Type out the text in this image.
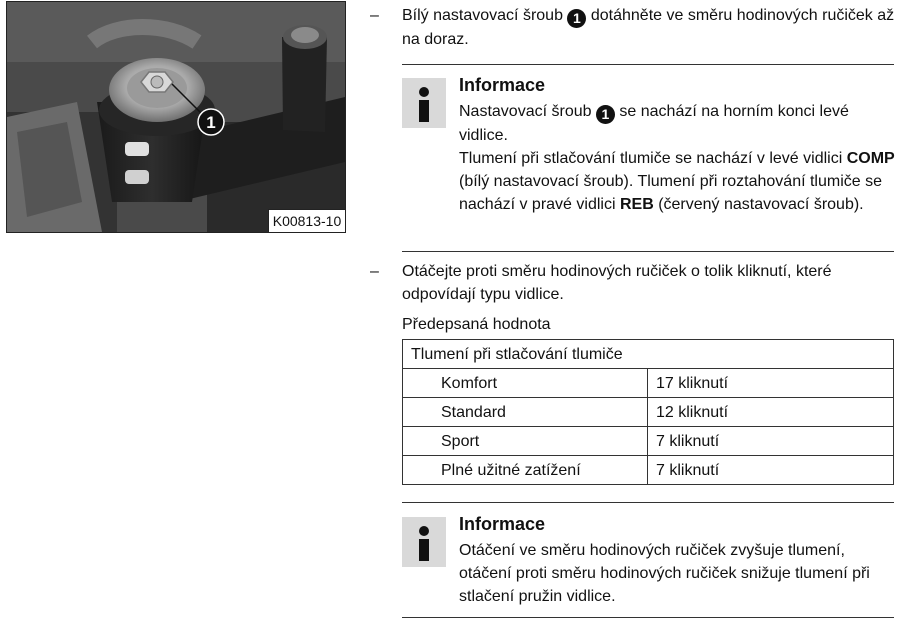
1
K00813-10
–	Bílý nastavovací šroub 1 dotáhněte ve směru hodinových ručiček až na doraz.
Informace

Nastavovací šroub 1 se nachází na horním konci levé vidlice.

Tlumení při stlačování tlumiče se nachází v levé vidlici COMP (bílý nastavovací šroub). Tlumení při roztahování tlumiče se nachází v pravé vidlici REB (červený nastavovací šroub).

–	Otáčejte proti směru hodinových ručiček o tolik kliknutí, které odpovídají typu vidlice.
Předepsaná hodnota
Tlumení při stlačování tlumiče	
Komfort	17 kliknutí
Standard	12 kliknutí
Sport	7 kliknutí
Plné užitné zatížení	7 kliknutí
Informace
Otáčení ve směru hodinových ručiček zvyšuje tlumení, otáčení proti směru hodinových ručiček snižuje tlumení při stlačení pružin vidlice.
